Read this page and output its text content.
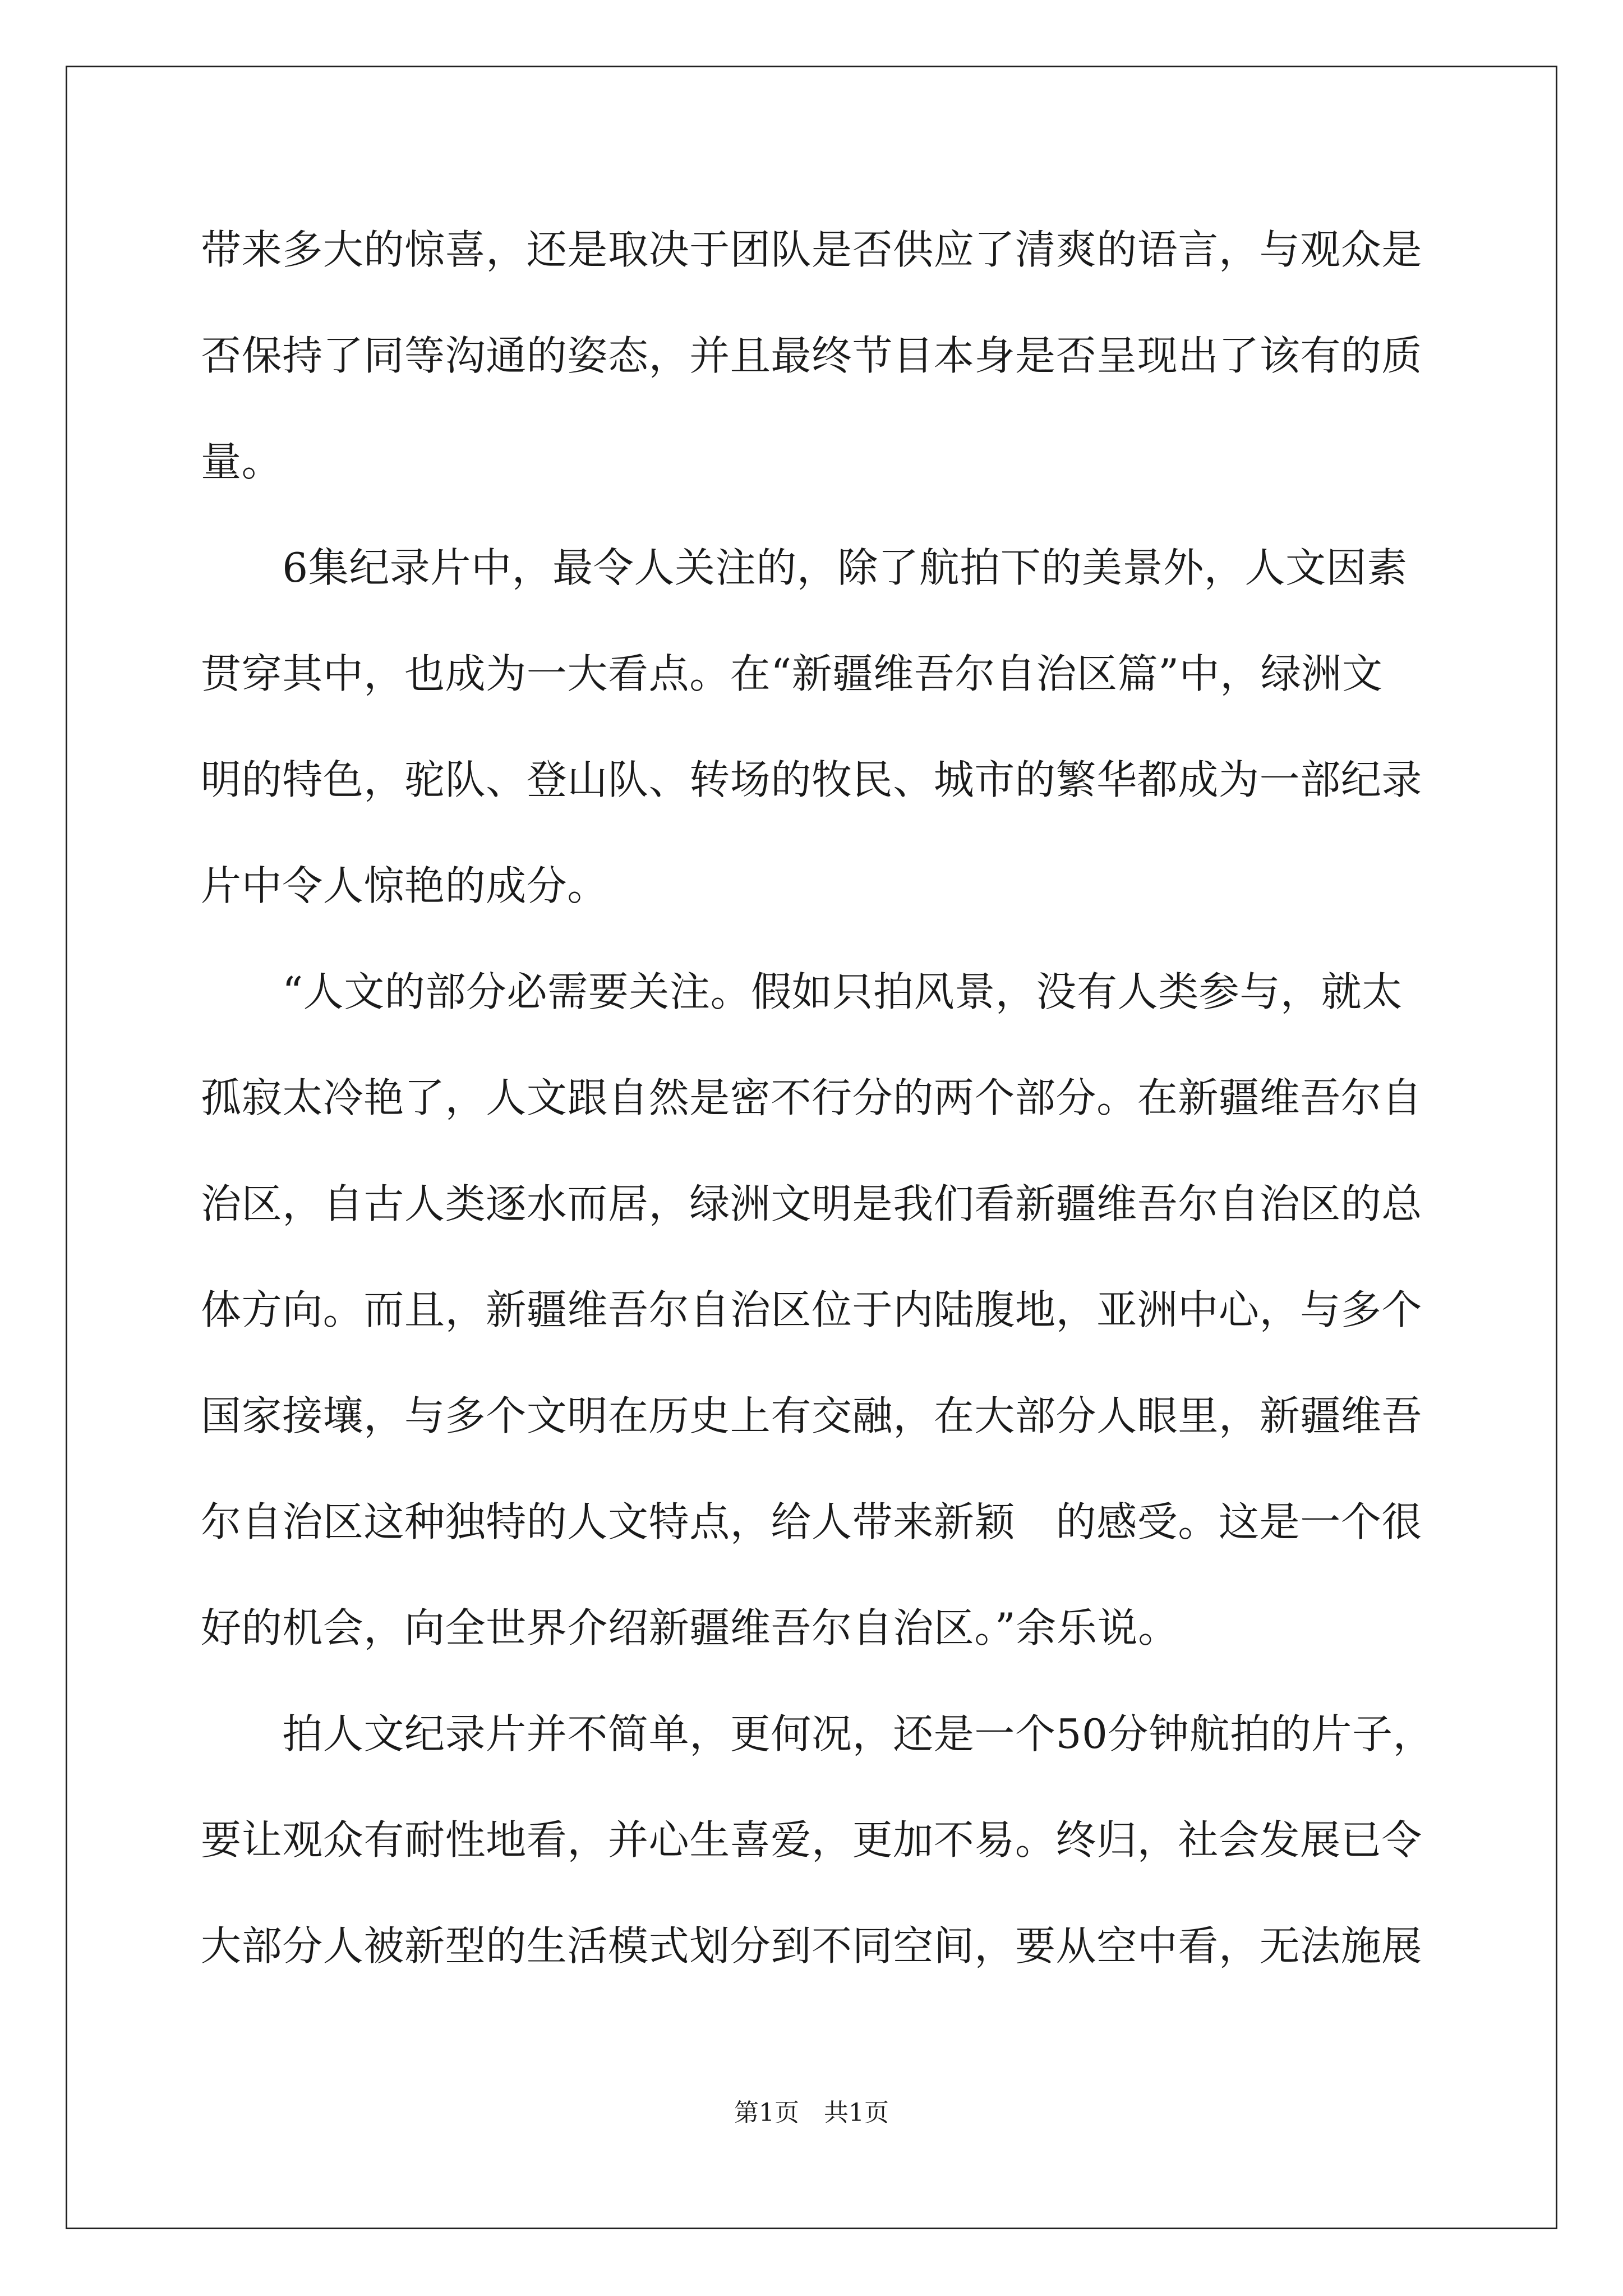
带来多大的惊喜，还是取决于团队是否供应了清爽的语言，与观众是
否保持了同等沟通的姿态，并且最终节目本身是否呈现出了该有的质
量。
　　6集纪录片中，最令人关注的，除了航拍下的美景外，人文因素
贯穿其中，也成为一大看点。在“新疆维吾尔自治区篇”中，绿洲文
明的特色，驼队、登山队、转场的牧民、城市的繁华都成为一部纪录
片中令人惊艳的成分。
　　“人文的部分必需要关注。假如只拍风景，没有人类参与，就太
孤寂太冷艳了，人文跟自然是密不行分的两个部分。在新疆维吾尔自
治区，自古人类逐水而居，绿洲文明是我们看新疆维吾尔自治区的总
体方向。而且，新疆维吾尔自治区位于内陆腹地，亚洲中心，与多个
国家接壤，与多个文明在历史上有交融，在大部分人眼里，新疆维吾
尔自治区这种独特的人文特点，给人带来新颖　的感受。这是一个很
好的机会，向全世界介绍新疆维吾尔自治区。”余乐说。
　　拍人文纪录片并不简单，更何况，还是一个50分钟航拍的片子，
要让观众有耐性地看，并心生喜爱，更加不易。终归，社会发展已令
大部分人被新型的生活模式划分到不同空间，要从空中看，无法施展
第1页　共1页
